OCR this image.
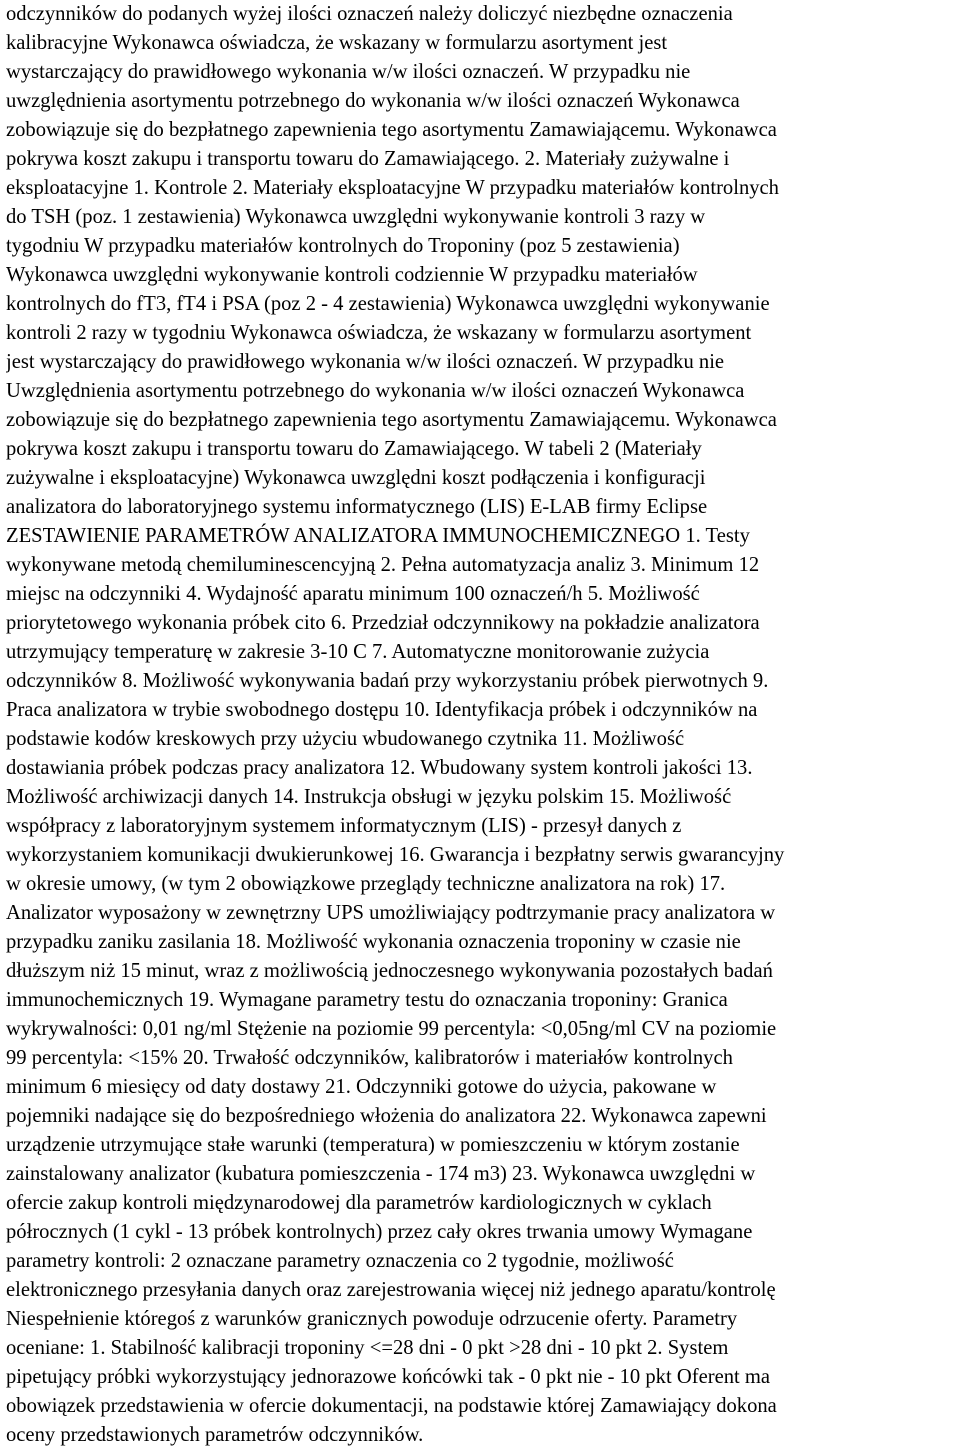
odczynników do podanych wyżej ilości oznaczeń należy doliczyć niezbędne oznaczenia
kalibracyjne Wykonawca oświadcza, że wskazany w formularzu asortyment jest
wystarczający do prawidłowego wykonania w/w ilości oznaczeń. W przypadku nie
uwzględnienia asortymentu potrzebnego do wykonania w/w ilości oznaczeń Wykonawca
zobowiązuje się do bezpłatnego zapewnienia tego asortymentu Zamawiającemu. Wykonawca
pokrywa koszt zakupu i transportu towaru do Zamawiającego. 2. Materiały zużywalne i
eksploatacyjne 1. Kontrole 2. Materiały eksploatacyjne W przypadku materiałów kontrolnych
do TSH (poz. 1 zestawienia) Wykonawca uwzględni wykonywanie kontroli 3 razy w
tygodniu W przypadku materiałów kontrolnych do Troponiny (poz 5 zestawienia)
Wykonawca uwzględni wykonywanie kontroli codziennie W przypadku materiałów
kontrolnych do fT3, fT4 i PSA (poz 2 - 4 zestawienia) Wykonawca uwzględni wykonywanie
kontroli 2 razy w tygodniu Wykonawca oświadcza, że wskazany w formularzu asortyment
jest wystarczający do prawidłowego wykonania w/w ilości oznaczeń. W przypadku nie
Uwzględnienia asortymentu potrzebnego do wykonania w/w ilości oznaczeń Wykonawca
zobowiązuje się do bezpłatnego zapewnienia tego asortymentu Zamawiającemu. Wykonawca
pokrywa koszt zakupu i transportu towaru do Zamawiającego. W tabeli 2 (Materiały
zużywalne i eksploatacyjne) Wykonawca uwzględni koszt podłączenia i konfiguracji
analizatora do laboratoryjnego systemu informatycznego (LIS) E-LAB firmy Eclipse
ZESTAWIENIE PARAMETRÓW ANALIZATORA IMMUNOCHEMICZNEGO 1. Testy
wykonywane metodą chemiluminescencyjną 2. Pełna automatyzacja analiz 3. Minimum 12
miejsc na odczynniki 4. Wydajność aparatu minimum 100 oznaczeń/h 5. Możliwość
priorytetowego wykonania próbek cito 6. Przedział odczynnikowy na pokładzie analizatora
utrzymujący temperaturę w zakresie 3-10 C 7. Automatyczne monitorowanie zużycia
odczynników 8. Możliwość wykonywania badań przy wykorzystaniu próbek pierwotnych 9.
Praca analizatora w trybie swobodnego dostępu 10. Identyfikacja próbek i odczynników na
podstawie kodów kreskowych przy użyciu wbudowanego czytnika 11. Możliwość
dostawiania próbek podczas pracy analizatora 12. Wbudowany system kontroli jakości 13.
Możliwość archiwizacji danych 14. Instrukcja obsługi w języku polskim 15. Możliwość
współpracy z laboratoryjnym systemem informatycznym (LIS) - przesył danych z
wykorzystaniem komunikacji dwukierunkowej 16. Gwarancja i bezpłatny serwis gwarancyjny
w okresie umowy, (w tym 2 obowiązkowe przeglądy techniczne analizatora na rok) 17.
Analizator wyposażony w zewnętrzny UPS umożliwiający podtrzymanie pracy analizatora w
przypadku zaniku zasilania 18. Możliwość wykonania oznaczenia troponiny w czasie nie
dłuższym niż 15 minut, wraz z możliwością jednoczesnego wykonywania pozostałych badań
immunochemicznych 19. Wymagane parametry testu do oznaczania troponiny: Granica
wykrywalności: 0,01 ng/ml Stężenie na poziomie 99 percentyla: <0,05ng/ml CV na poziomie
99 percentyla: <15% 20. Trwałość odczynników, kalibratorów i materiałów kontrolnych
minimum 6 miesięcy od daty dostawy 21. Odczynniki gotowe do użycia, pakowane w
pojemniki nadające się do bezpośredniego włożenia do analizatora 22. Wykonawca zapewni
urządzenie utrzymujące stałe warunki (temperatura) w pomieszczeniu w którym zostanie
zainstalowany analizator (kubatura pomieszczenia - 174 m3) 23. Wykonawca uwzględni w
ofercie zakup kontroli międzynarodowej dla parametrów kardiologicznych w cyklach
półrocznych (1 cykl - 13 próbek kontrolnych) przez cały okres trwania umowy Wymagane
parametry kontroli: 2 oznaczane parametry oznaczenia co 2 tygodnie, możliwość
elektronicznego przesyłania danych oraz zarejestrowania więcej niż jednego aparatu/kontrolę
Niespełnienie któregoś z warunków granicznych powoduje odrzucenie oferty. Parametry
oceniane: 1. Stabilność kalibracji troponiny <=28 dni - 0 pkt >28 dni - 10 pkt 2. System
pipetujący próbki wykorzystujący jednorazowe końcówki tak - 0 pkt nie - 10 pkt Oferent ma
obowiązek przedstawienia w ofercie dokumentacji, na podstawie której Zamawiający dokona
oceny przedstawionych parametrów odczynników.
